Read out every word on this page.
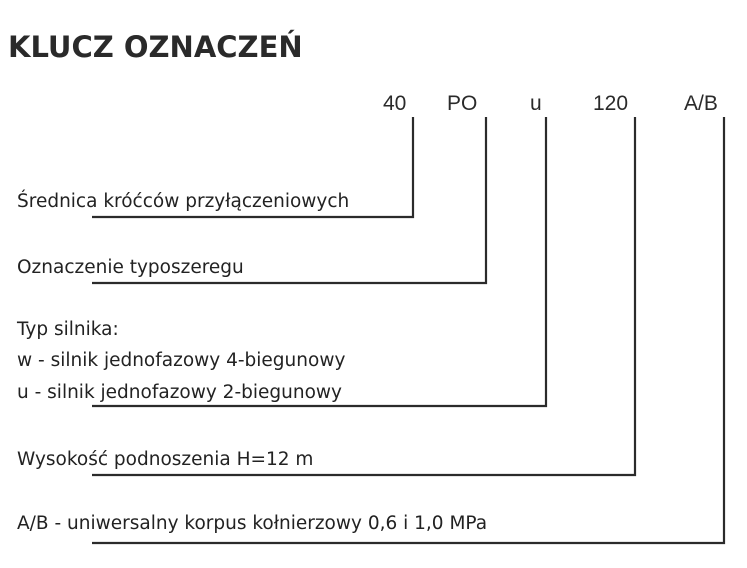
KLUCZ OZNACZEŃ
40 PO	u 120	A/B
Średnica króćców przyłączeniowych
Oznaczenie typoszeregu
Typ silnika:
w - silnik jednofazowy 4-biegunowy
u - silnik jednofazowy 2-biegunowy
Wysokość podnoszenia H=12 m
A/B - uniwersalny korpus kołnierzowy 0,6 i 1,0 MPa
